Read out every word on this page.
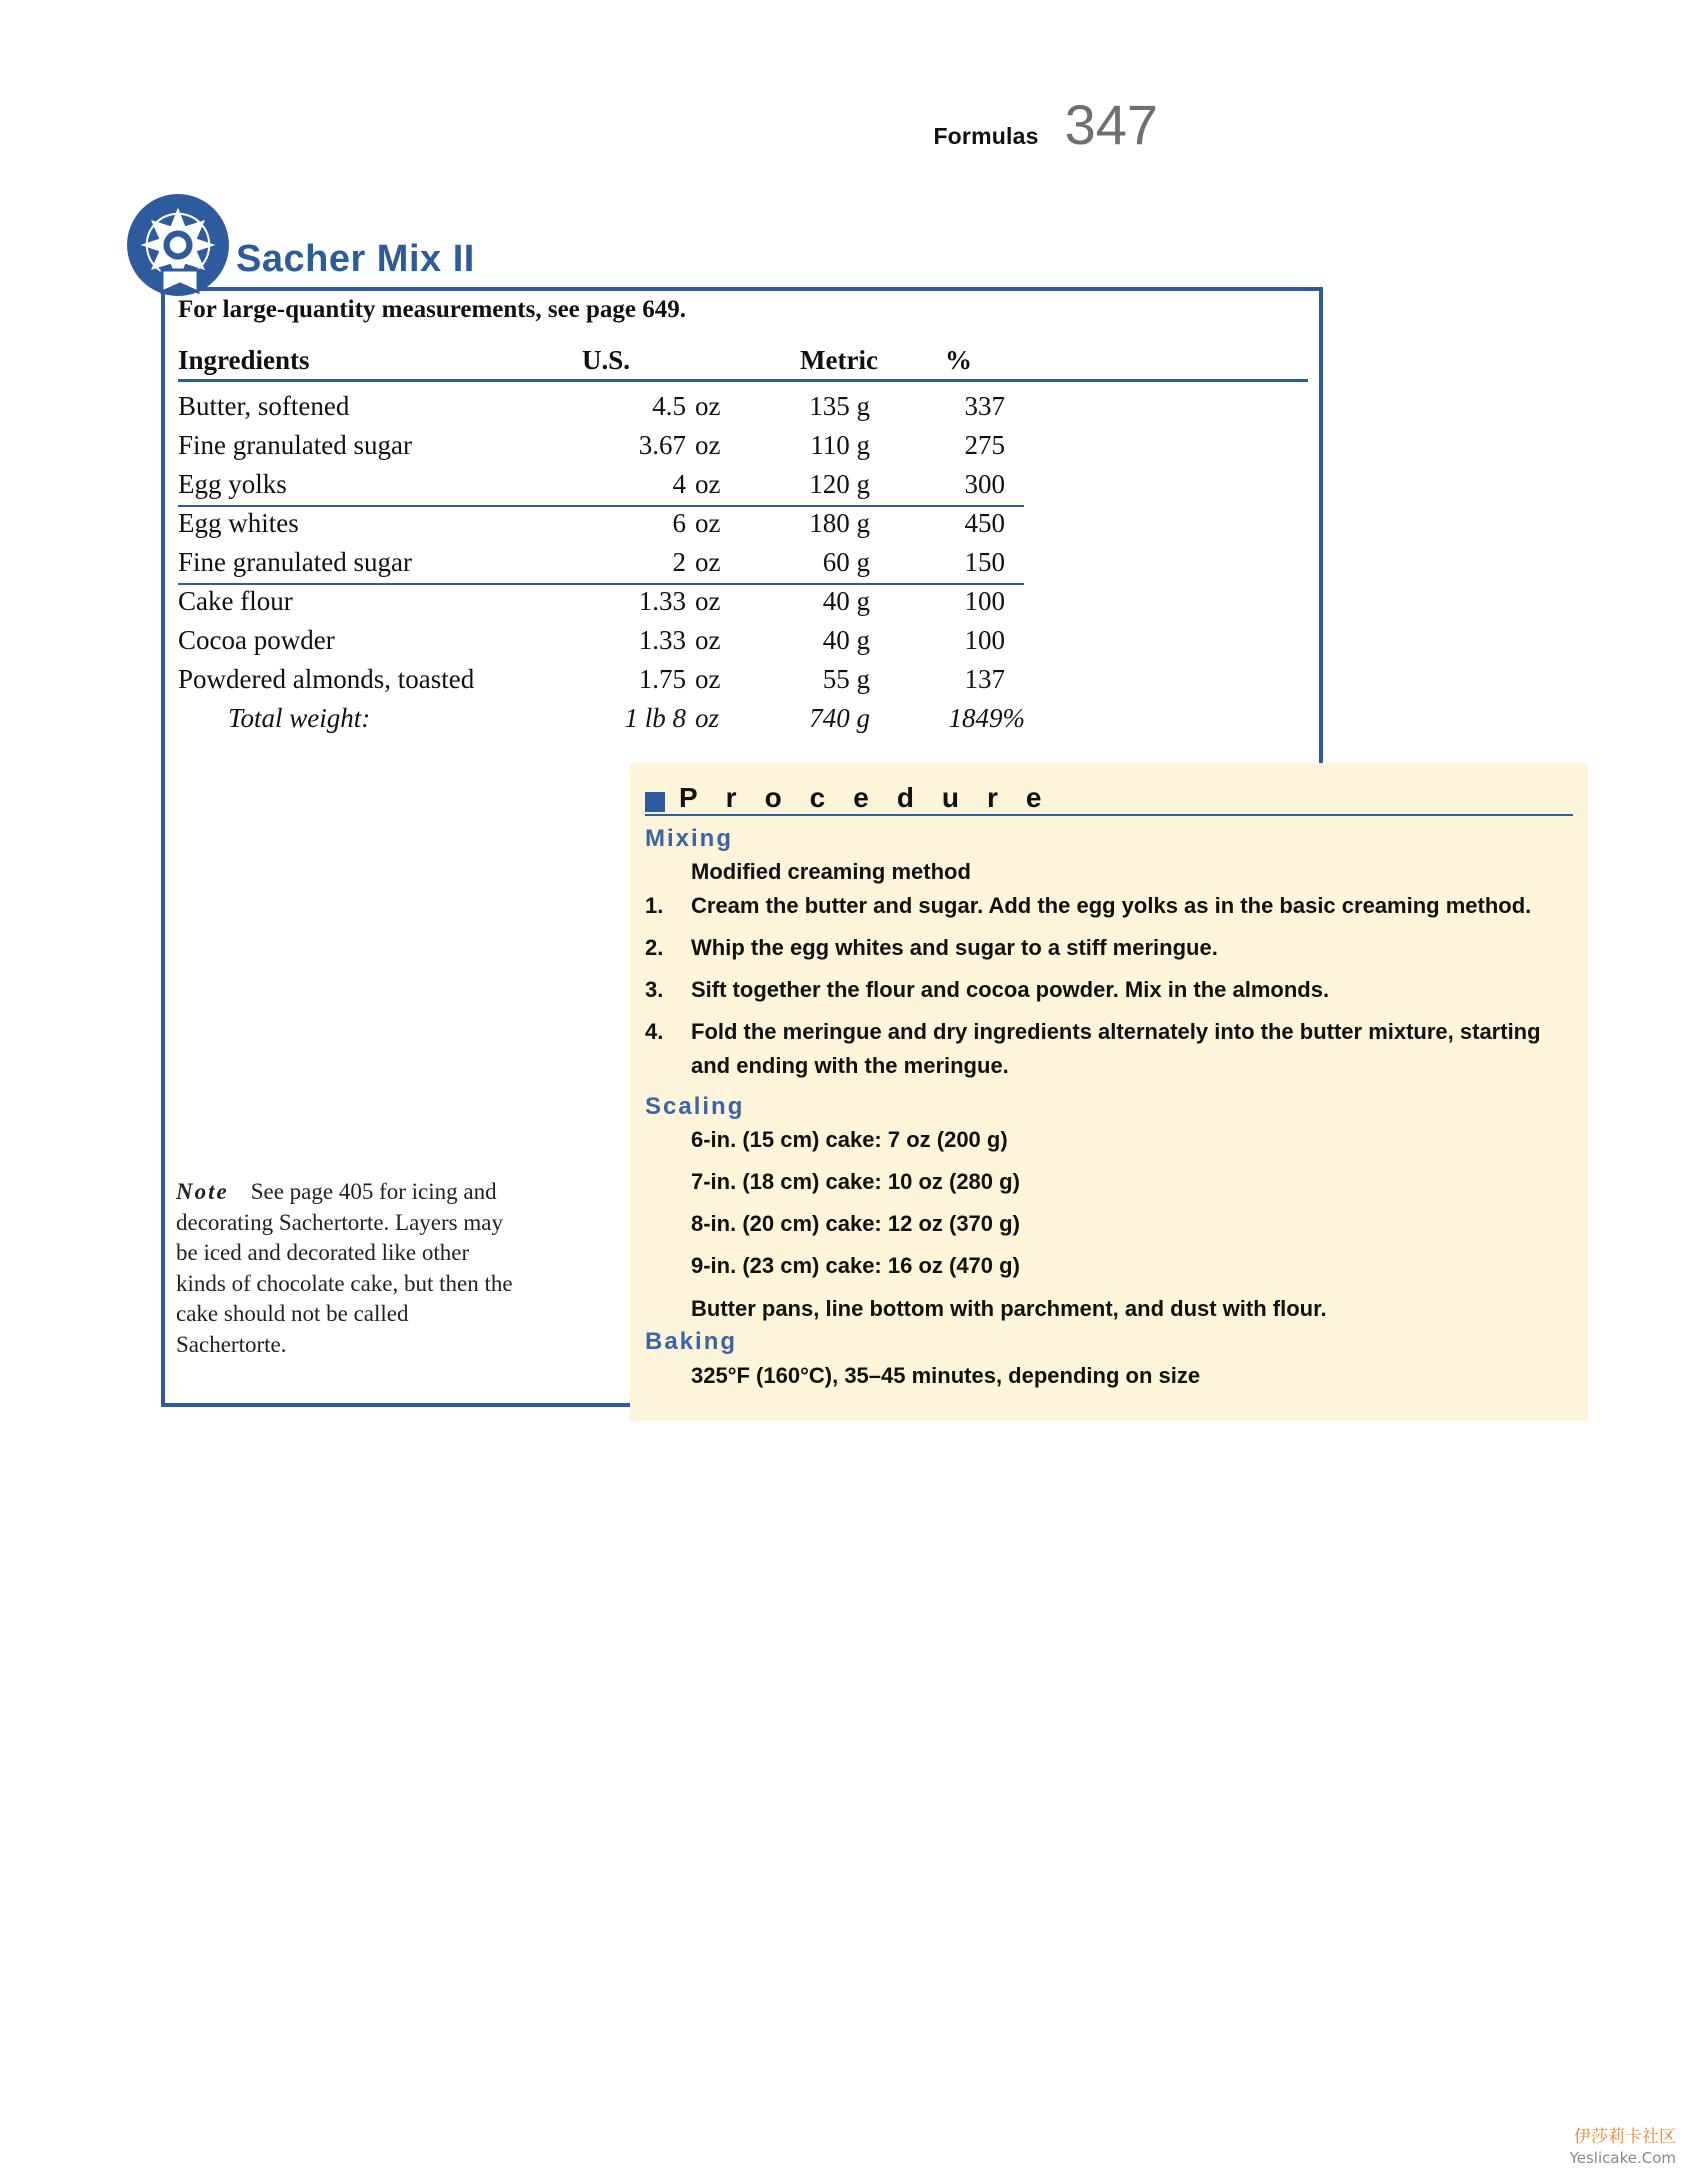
Formulas 347
Sacher Mix II
For large-quantity measurements, see page 649.
Ingredients	U.S.	Metric %
Butter, softened	4.5 oz	135 g	337
Fine granulated sugar	3.67 oz	110 g	275
Egg yolks	4 oz	120 g	300
Egg whites	6 oz	180 g	450
Fine granulated sugar	2 oz	60 g	150
Cake flour	1.33 oz	40 g	100
Cocoa powder	1.33 oz	40 g	100
Powdered almonds, toasted	1.75 oz	55 g	137
Total weight:	1 lb 8 oz	740 g	1849%
Note See page 405 for icing and decorating Sachertorte. Layers may be iced and decorated like other kinds of chocolate cake, but then the cake should not be called Sachertorte.
Procedure
Mixing
Modified creaming method
1. Cream the butter and sugar. Add the egg yolks as in the basic creaming method.
2. Whip the egg whites and sugar to a stiff meringue.
3. Sift together the flour and cocoa powder. Mix in the almonds.
4. Fold the meringue and dry ingredients alternately into the butter mixture, starting and ending with the meringue.
Scaling
6-in. (15 cm) cake: 7 oz (200 g)
7-in. (18 cm) cake: 10 oz (280 g)
8-in. (20 cm) cake: 12 oz (370 g)
9-in. (23 cm) cake: 16 oz (470 g)
Butter pans, line bottom with parchment, and dust with flour.
Baking
325°F (160°C), 35–45 minutes, depending on size
伊莎莉卡社区
Yeslicake.Com
